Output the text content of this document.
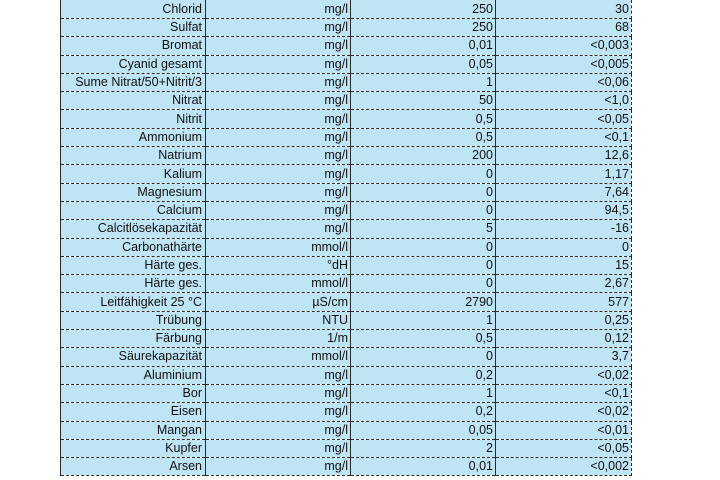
Chlorid	mg/l	250	30
Sulfat	mg/l	250	68
Bromat	mg/l	0,01	<0,003
Cyanid gesamt	mg/l	0,05	<0,005
Sume Nitrat/50+Nitrit/3	mg/l	1	<0,06
Nitrat	mg/l	50	<1,0
Nitrit	mg/l	0,5	<0,05
Ammonium	mg/l	0,5	<0,1
Natrium	mg/l	200	12,6
Kalium	mg/l	0	1,17
Magnesium	mg/l	0	7,64
Calcium	mg/l	0	94,5
Calcitlösekapazität	mg/l	5	-16
Carbonathärte	mmol/l	0	0
Härte ges.	°dH	0	15
Härte ges.	mmol/l	0	2,67
Leitfähigkeit 25 °C	µS/cm	2790	577
Trübung	NTU	1	0,25
Färbung	1/m	0,5	0,12
Säurekapazität	mmol/l	0	3,7
Aluminium	mg/l	0,2	<0,02
Bor	mg/l	1	<0,1
Eisen	mg/l	0,2	<0,02
Mangan	mg/l	0,05	<0,01
Kupfer	mg/l	2	<0,05
Arsen	mg/l	0,01	<0,002
